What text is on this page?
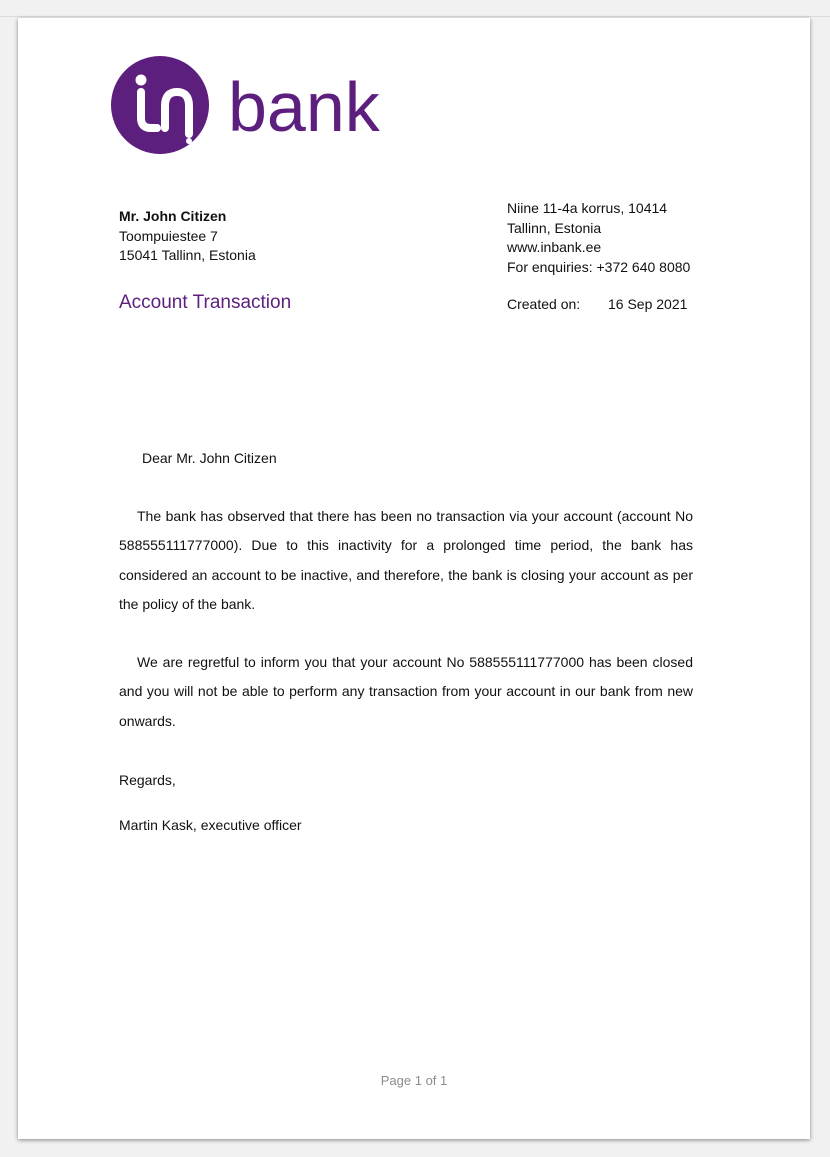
bank
Mr. John Citizen
Toompuiestee 7
15041 Tallinn, Estonia
Niine 11-4a korrus, 10414
Tallinn, Estonia
www.inbank.ee
For enquiries: +372 640 8080
Account Transaction	Created on: 16 Sep 2021
Dear Mr. John Citizen
The bank has observed that there has been no transaction via your account (account No 588555111777000). Due to this inactivity for a prolonged time period, the bank has considered an account to be inactive, and therefore, the bank is closing your account as per the policy of the bank.
We are regretful to inform you that your account No 588555111777000 has been closed and you will not be able to perform any transaction from your account in our bank from new onwards.
Regards,
Martin Kask, executive officer
Page 1 of 1
